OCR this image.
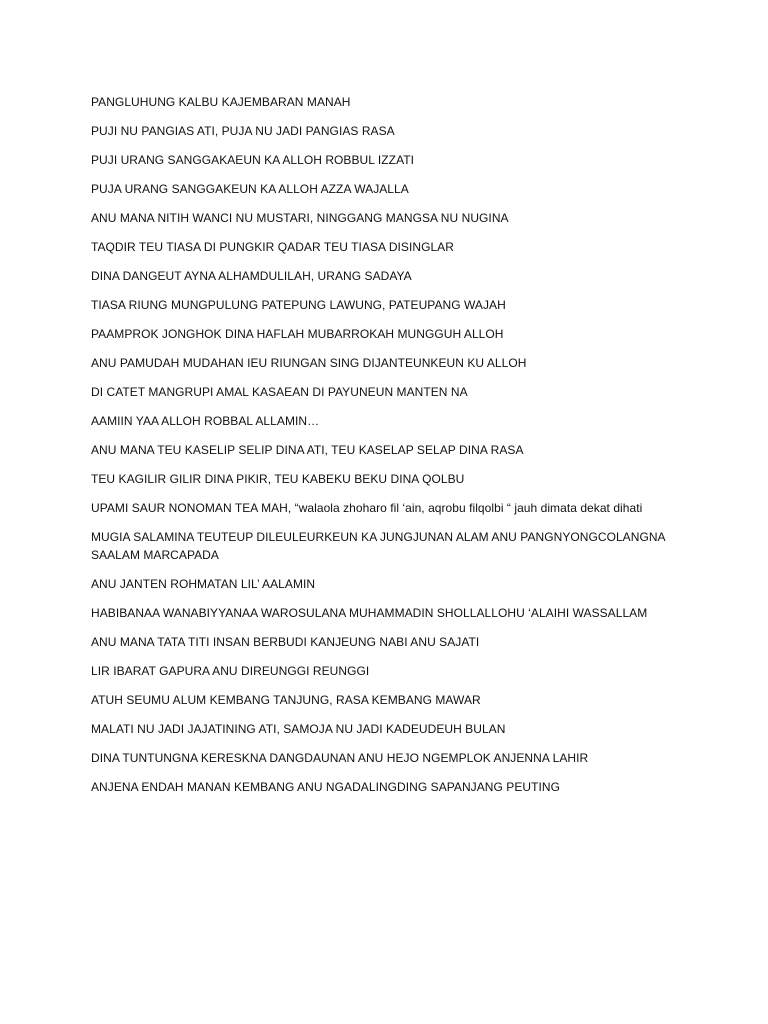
PANGLUHUNG KALBU KAJEMBARAN MANAH

PUJI NU PANGIAS ATI, PUJA NU JADI PANGIAS RASA

PUJI URANG SANGGAKAEUN KA ALLOH ROBBUL IZZATI

PUJA URANG SANGGAKEUN KA ALLOH AZZA WAJALLA

ANU MANA NITIH WANCI NU MUSTARI, NINGGANG MANGSA NU NUGINA

TAQDIR TEU TIASA DI PUNGKIR QADAR TEU TIASA DISINGLAR

DINA DANGEUT AYNA ALHAMDULILAH, URANG SADAYA

TIASA RIUNG MUNGPULUNG PATEPUNG LAWUNG, PATEUPANG WAJAH

PAAMPROK JONGHOK DINA HAFLAH MUBARROKAH MUNGGUH ALLOH

ANU PAMUDAH MUDAHAN IEU RIUNGAN SING DIJANTEUNKEUN KU ALLOH

DI CATET MANGRUPI AMAL KASAEAN DI PAYUNEUN MANTEN NA

AAMIIN YAA ALLOH ROBBAL ALLAMIN…

ANU MANA TEU KASELIP SELIP DINA ATI, TEU KASELAP SELAP DINA RASA

TEU KAGILIR GILIR DINA PIKIR, TEU KABEKU BEKU DINA QOLBU

UPAMI SAUR NONOMAN TEA MAH, “walaola zhoharo fil ‘ain, aqrobu filqolbi “ jauh dimata dekat dihati

MUGIA SALAMINA TEUTEUP DILEULEURKEUN KA JUNGJUNAN ALAM ANU PANGNYONGCOLANGNA SAALAM MARCAPADA

ANU JANTEN ROHMATAN LIL’ AALAMIN

HABIBANAA WANABIYYANAA WAROSULANA MUHAMMADIN SHOLLALLOHU ‘ALAIHI WASSALLAM

ANU MANA TATA TITI INSAN BERBUDI KANJEUNG NABI ANU SAJATI

LIR IBARAT GAPURA ANU DIREUNGGI REUNGGI

ATUH SEUMU ALUM KEMBANG TANJUNG, RASA KEMBANG MAWAR

MALATI NU JADI JAJATINING ATI, SAMOJA NU JADI KADEUDEUH BULAN

DINA TUNTUNGNA KERESKNA DANGDAUNAN ANU HEJO NGEMPLOK ANJENNA LAHIR

ANJENA ENDAH MANAN KEMBANG ANU NGADALINGDING SAPANJANG PEUTING
